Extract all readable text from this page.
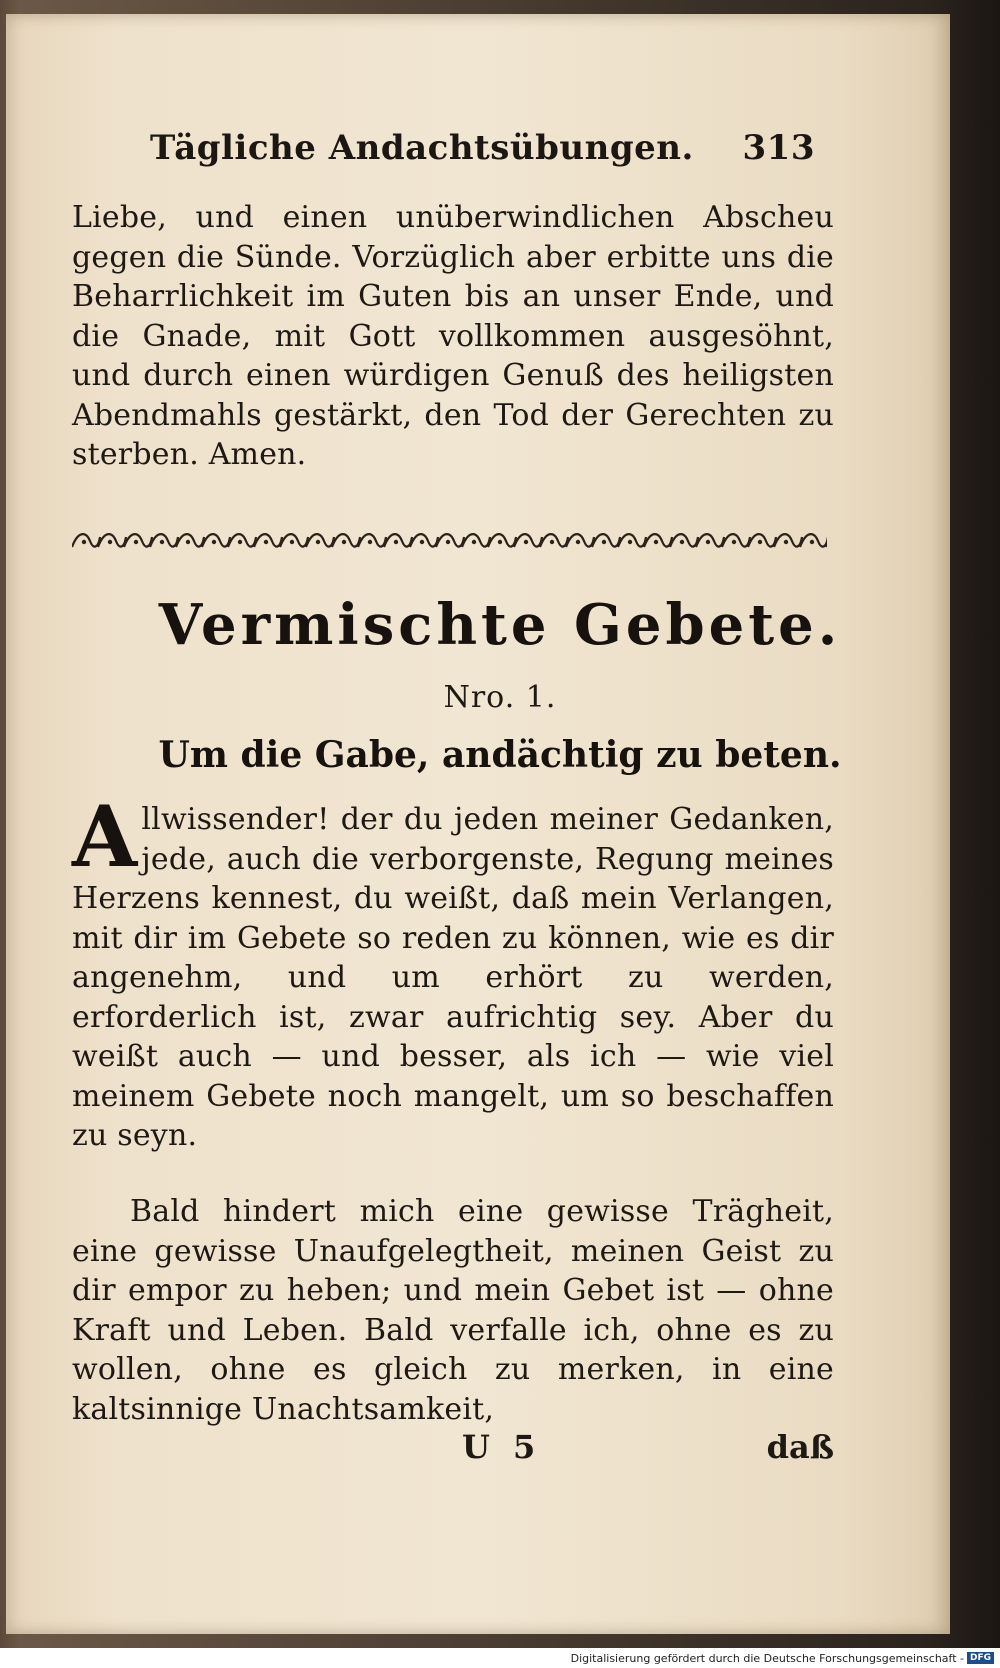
Tägliche Andachtsübungen. 313

Liebe, und einen unüberwindlichen Abscheu gegen die Sünde. Vorzüglich aber erbitte uns die Beharrlichkeit im Guten bis an unser Ende, und die Gnade, mit Gott vollkommen ausgesöhnt, und durch einen würdigen Genuß des heiligsten Abendmahls gestärkt, den Tod der Gerechten zu sterben. Amen.

Vermischte Gebete.
Nro. 1.
Um die Gabe, andächtig zu beten.

Allwissender! der du jeden meiner Gedanken, jede, auch die verborgenste, Regung meines Herzens kennest, du weißt, daß mein Verlangen, mit dir im Gebete so reden zu können, wie es dir angenehm, und um erhört zu werden, erforderlich ist, zwar aufrichtig sey. Aber du weißt auch — und besser, als ich — wie viel meinem Gebete noch mangelt, um so beschaffen zu seyn.

Bald hindert mich eine gewisse Trägheit, eine gewisse Unaufgelegtheit, meinen Geist zu dir empor zu heben; und mein Gebet ist — ohne Kraft und Leben. Bald verfalle ich, ohne es zu wollen, ohne es gleich zu merken, in eine kaltsinnige Unachtsamkeit,

U 5	daß
Digitalisierung gefördert durch die Deutsche Forschungsgemeinschaft - DFG
